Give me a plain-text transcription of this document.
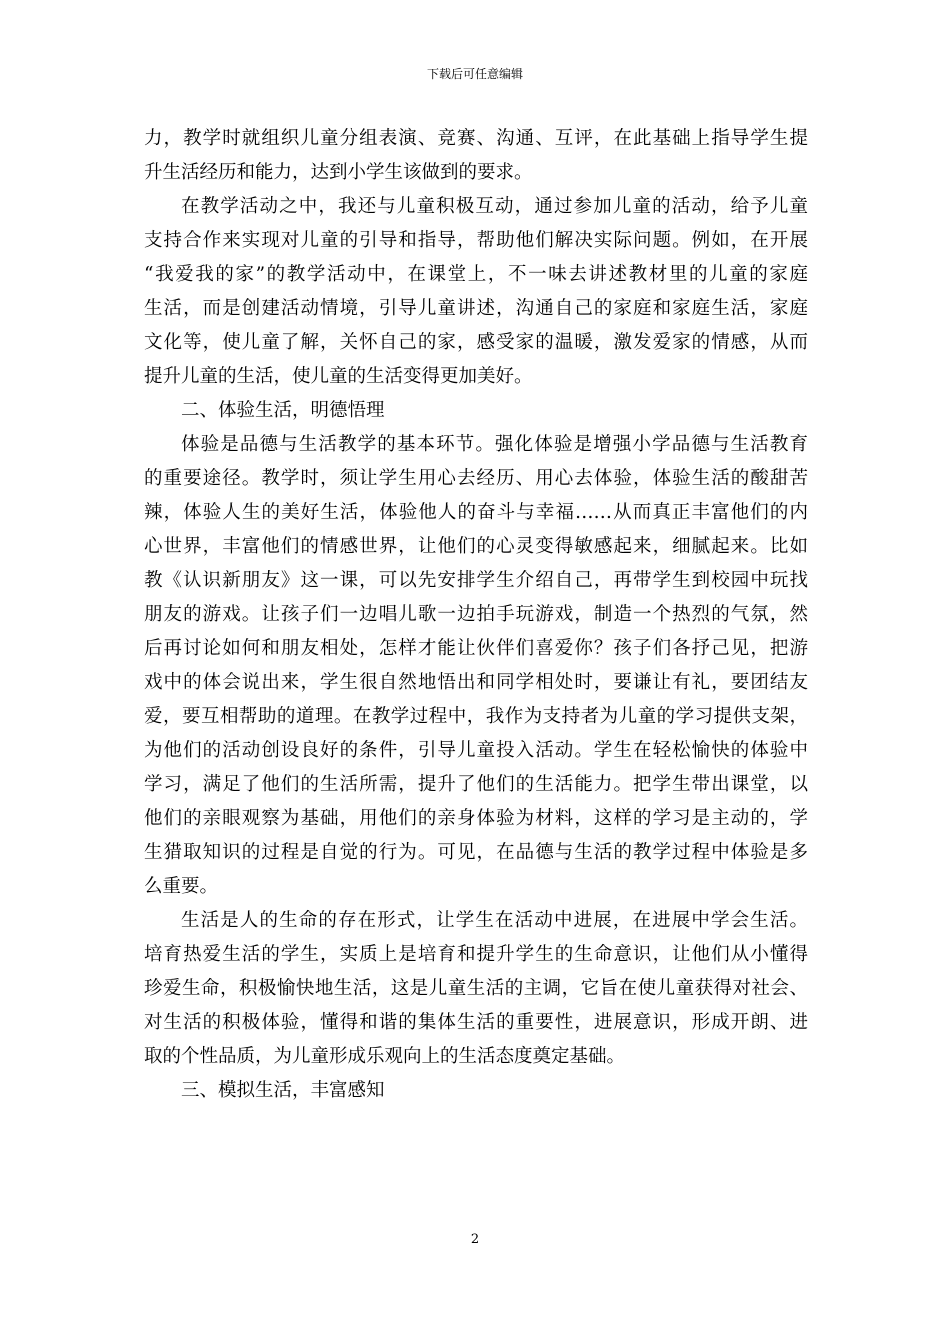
下载后可任意编辑
力，教学时就组织儿童分组表演、竞赛、沟通、互评，在此基础上指导学生提
升生活经历和能力，达到小学生该做到的要求。
在教学活动之中，我还与儿童积极互动，通过参加儿童的活动，给予儿童
支持合作来实现对儿童的引导和指导，帮助他们解决实际问题。例如，在开展
“我爱我的家”的教学活动中，在课堂上，不一味去讲述教材里的儿童的家庭
生活，而是创建活动情境，引导儿童讲述，沟通自己的家庭和家庭生活，家庭
文化等，使儿童了解，关怀自己的家，感受家的温暖，激发爱家的情感，从而
提升儿童的生活，使儿童的生活变得更加美好。
二、体验生活，明德悟理
体验是品德与生活教学的基本环节。强化体验是增强小学品德与生活教育
的重要途径。教学时，须让学生用心去经历、用心去体验，体验生活的酸甜苦
辣，体验人生的美好生活，体验他人的奋斗与幸福……从而真正丰富他们的内
心世界，丰富他们的情感世界，让他们的心灵变得敏感起来，细腻起来。比如
教《认识新朋友》这一课，可以先安排学生介绍自己，再带学生到校园中玩找
朋友的游戏。让孩子们一边唱儿歌一边拍手玩游戏，制造一个热烈的气氛，然
后再讨论如何和朋友相处，怎样才能让伙伴们喜爱你？孩子们各抒己见，把游
戏中的体会说出来，学生很自然地悟出和同学相处时，要谦让有礼，要团结友
爱，要互相帮助的道理。在教学过程中，我作为支持者为儿童的学习提供支架，
为他们的活动创设良好的条件，引导儿童投入活动。学生在轻松愉快的体验中
学习，满足了他们的生活所需，提升了他们的生活能力。把学生带出课堂，以
他们的亲眼观察为基础，用他们的亲身体验为材料，这样的学习是主动的，学
生猎取知识的过程是自觉的行为。可见，在品德与生活的教学过程中体验是多
么重要。
生活是人的生命的存在形式，让学生在活动中进展，在进展中学会生活。
培育热爱生活的学生，实质上是培育和提升学生的生命意识，让他们从小懂得
珍爱生命，积极愉快地生活，这是儿童生活的主调，它旨在使儿童获得对社会、
对生活的积极体验，懂得和谐的集体生活的重要性，进展意识，形成开朗、进
取的个性品质，为儿童形成乐观向上的生活态度奠定基础。
三、模拟生活，丰富感知
2
